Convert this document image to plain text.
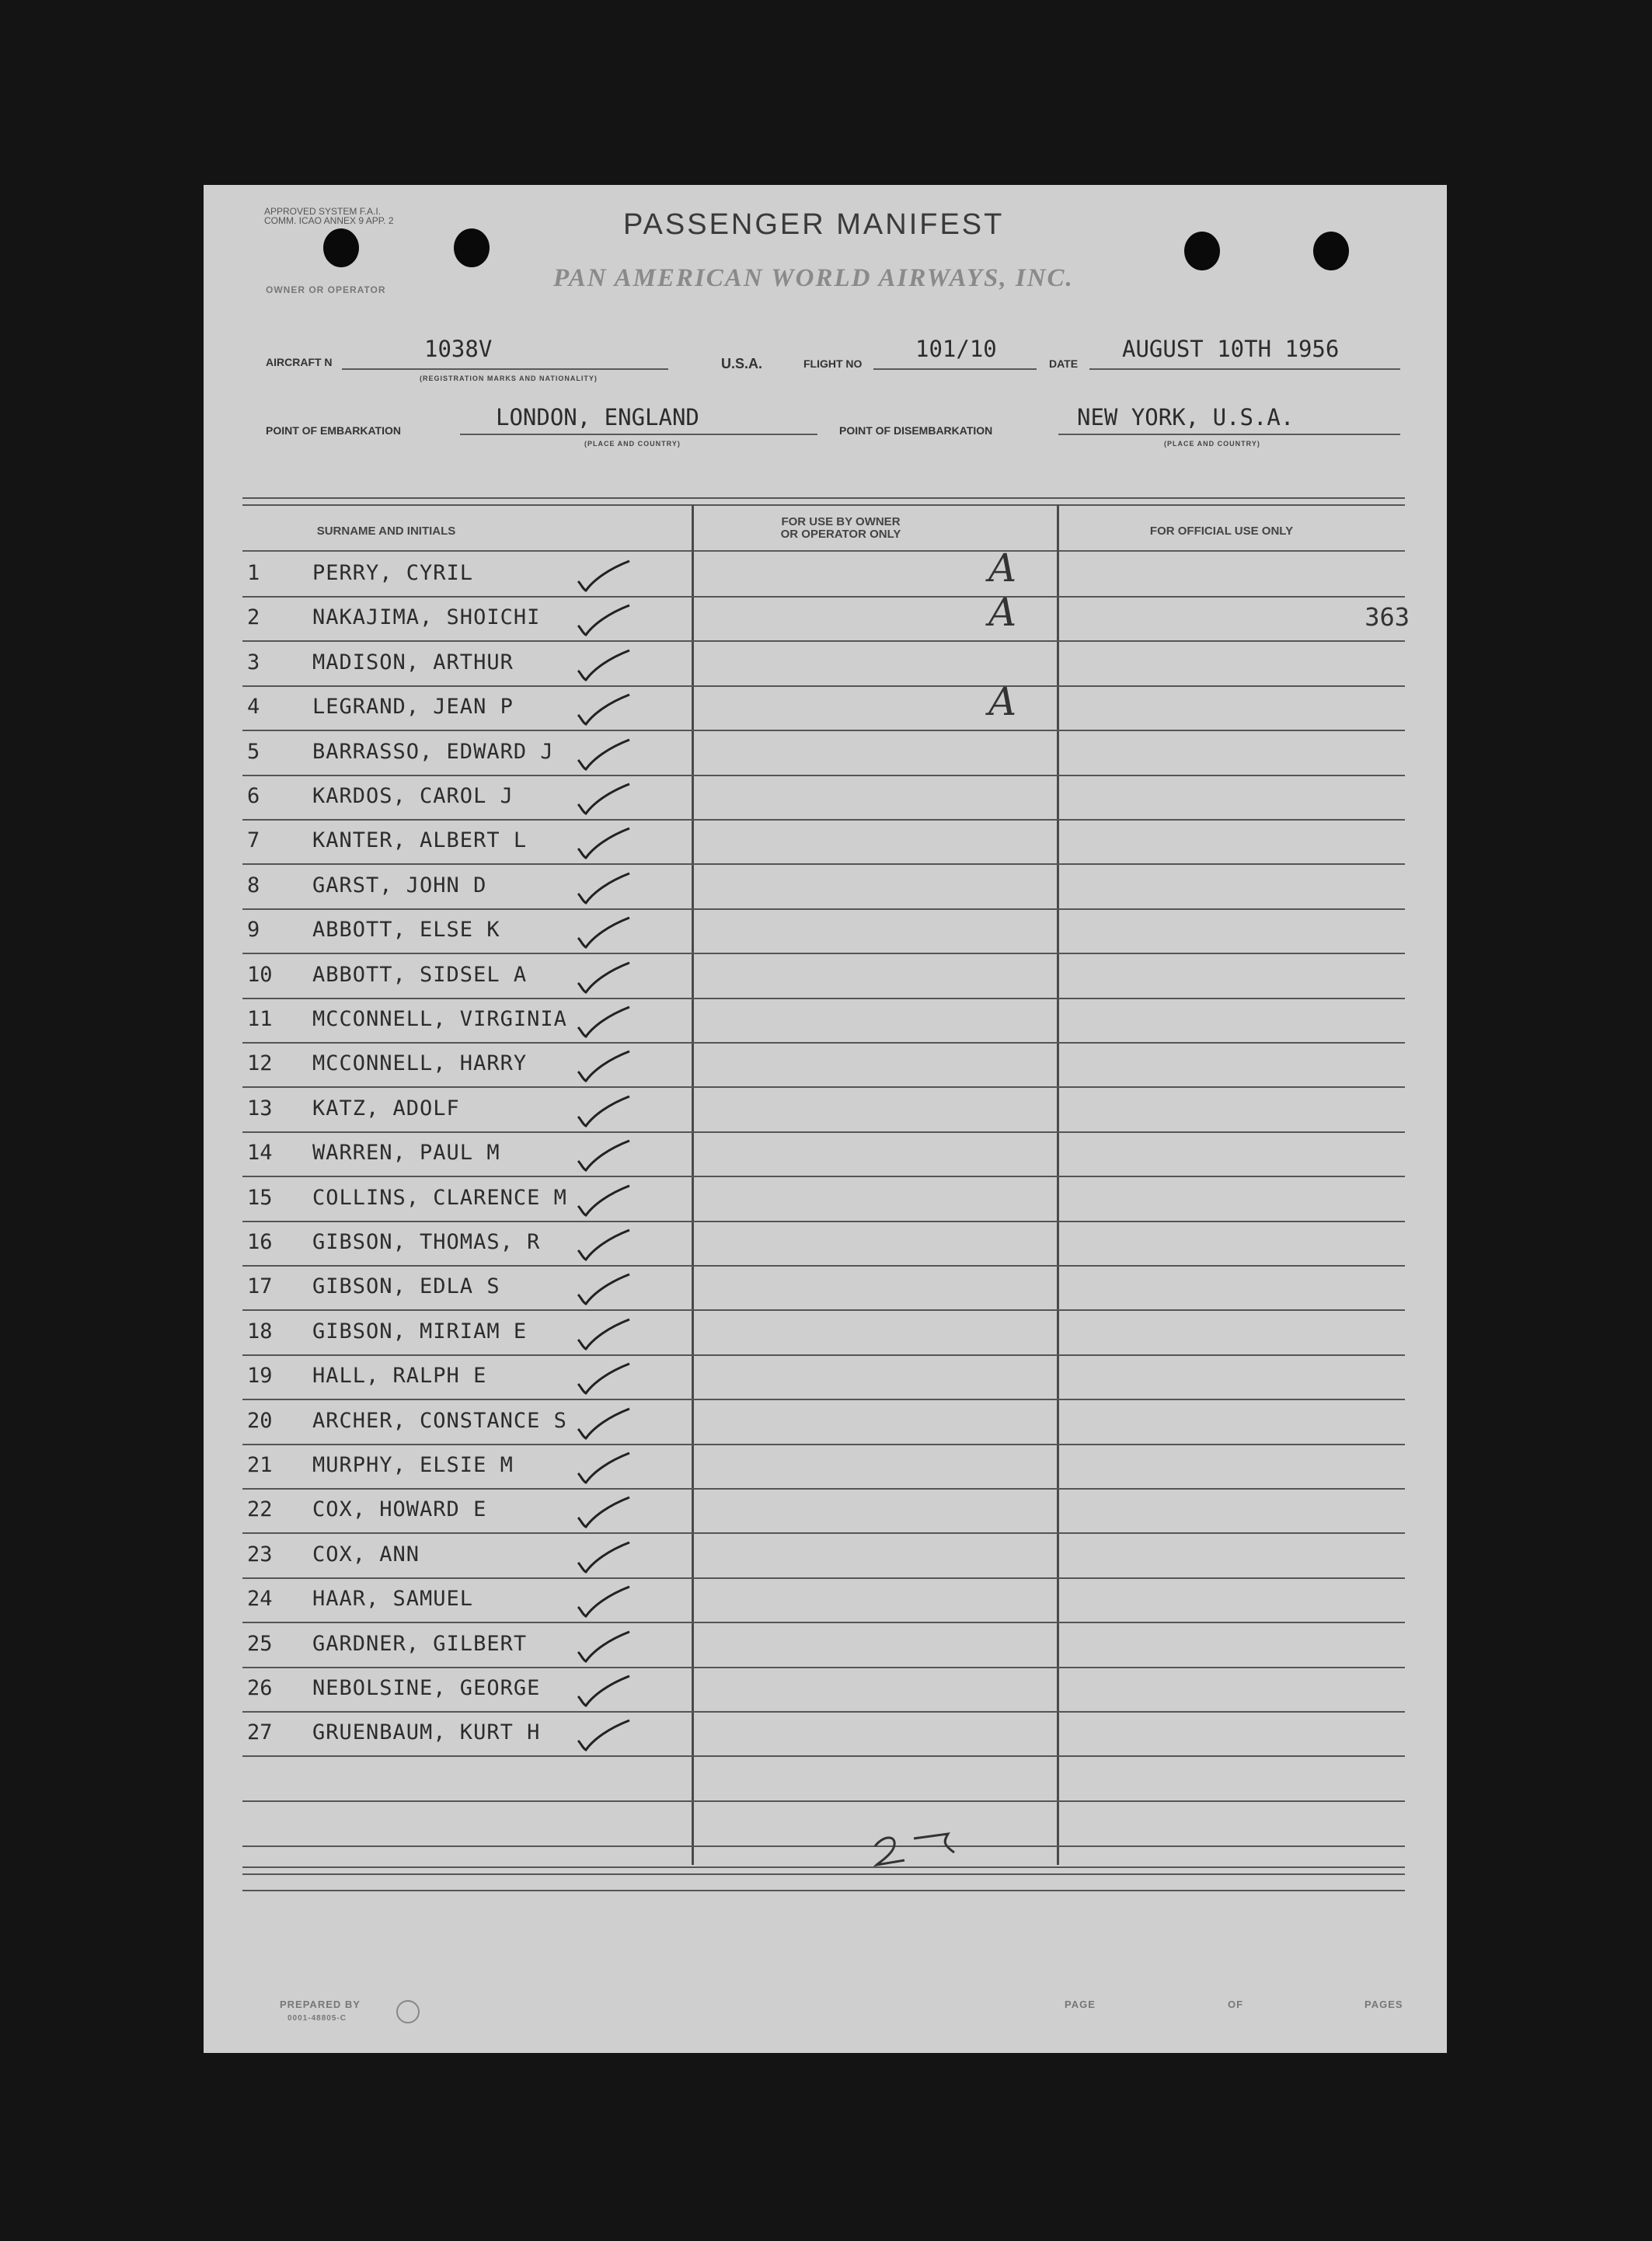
APPROVED SYSTEM F.A.I. COMM. ICAO ANNEX 9 APP. 2
OWNER OR OPERATOR
PASSENGER MANIFEST
PAN AMERICAN WORLD AIRWAYS, INC.
AIRCRAFT N	1038V
(REGISTRATION MARKS AND NATIONALITY)
U.S.A.	FLIGHT NO
101/10
DATE
AUGUST 10TH 1956
POINT OF EMBARKATION	LONDON, ENGLAND
(PLACE AND COUNTRY)
POINT OF DISEMBARKATION	NEW YORK, U.S.A.
(PLACE AND COUNTRY)
SURNAME AND INITIALS
FOR USE BY OWNER OR OPERATOR ONLY	FOR OFFICIAL USE ONLY
1	PERRY, CYRIL	A
2	NAKAJIMA, SHOICHI	A	363
3	MADISON, ARTHUR
4	LEGRAND, JEAN P	A
5	BARRASSO, EDWARD J
6	KARDOS, CAROL J
7	KANTER, ALBERT L
8	GARST, JOHN D
9	ABBOTT, ELSE K
10 ABBOTT, SIDSEL A
11 MCCONNELL, VIRGINIA
12 MCCONNELL, HARRY
13 KATZ, ADOLF
14 WARREN, PAUL M
15 COLLINS, CLARENCE M
16 GIBSON, THOMAS, R
17 GIBSON, EDLA S
18 GIBSON, MIRIAM E
19 HALL, RALPH E
20 ARCHER, CONSTANCE S
21 MURPHY, ELSIE M
22 COX, HOWARD E
23 COX, ANN
24 HAAR, SAMUEL
25 GARDNER, GILBERT
26 NEBOLSINE, GEORGE
27 GRUENBAUM, KURT H
PREPARED BY
0001-48805-C
PAGE	OF	PAGES
